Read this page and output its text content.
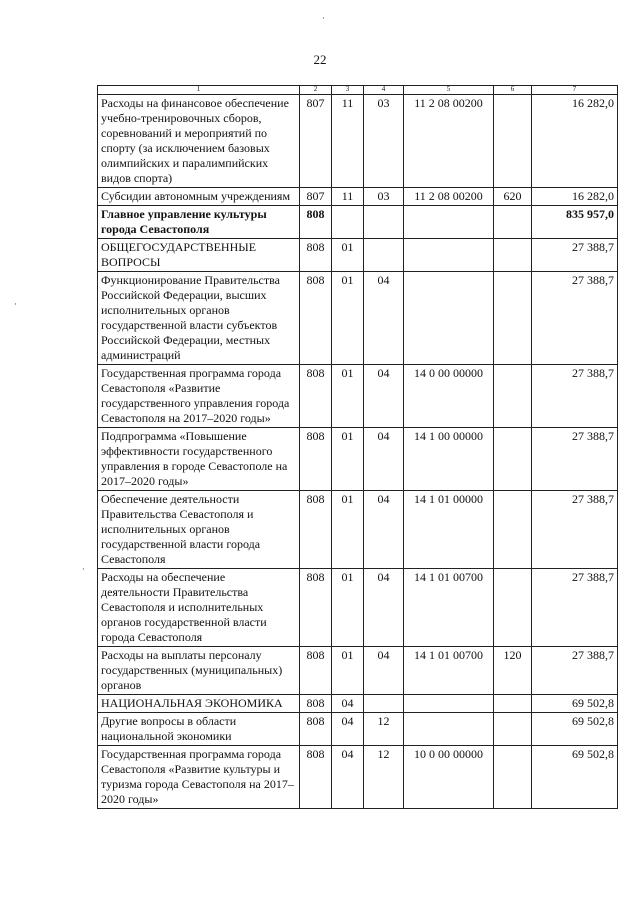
22
1	2	3	4	5	6	7
Расходы на финансовое обеспечение учебно-тренировочных сборов, соревнований и мероприятий по спорту (за исключением базовых олимпийских и паралимпийских видов спорта)	807	11	03	11 2 08 00200		16 282,0
Субсидии автономным учреждениям	807	11	03	11 2 08 00200	620	16 282,0
Главное управление культуры города Севастополя	808					835 957,0
ОБЩЕГОСУДАРСТВЕННЫЕ ВОПРОСЫ	808	01				27 388,7
Функционирование Правительства Российской Федерации, высших исполнительных органов государственной власти субъектов Российской Федерации, местных администраций	808	01	04			27 388,7
Государственная программа города Севастополя «Развитие государственного управления города Севастополя на 2017–2020 годы»	808	01	04	14 0 00 00000		27 388,7
Подпрограмма «Повышение эффективности государственного управления в городе Севастополе на 2017–2020 годы»	808	01	04	14 1 00 00000		27 388,7
Обеспечение деятельности Правительства Севастополя и исполнительных органов государственной власти города Севастополя	808	01	04	14 1 01 00000		27 388,7
Расходы на обеспечение деятельности Правительства Севастополя и исполнительных органов государственной власти города Севастополя	808	01	04	14 1 01 00700		27 388,7
Расходы на выплаты персоналу государственных (муниципальных) органов	808	01	04	14 1 01 00700	120	27 388,7
НАЦИОНАЛЬНАЯ ЭКОНОМИКА	808	04				69 502,8
Другие вопросы в области национальной экономики	808	04	12			69 502,8
Государственная программа города Севастополя «Развитие культуры и туризма города Севастополя на 2017–2020 годы»	808	04	12	10 0 00 00000		69 502,8
·
·
·
